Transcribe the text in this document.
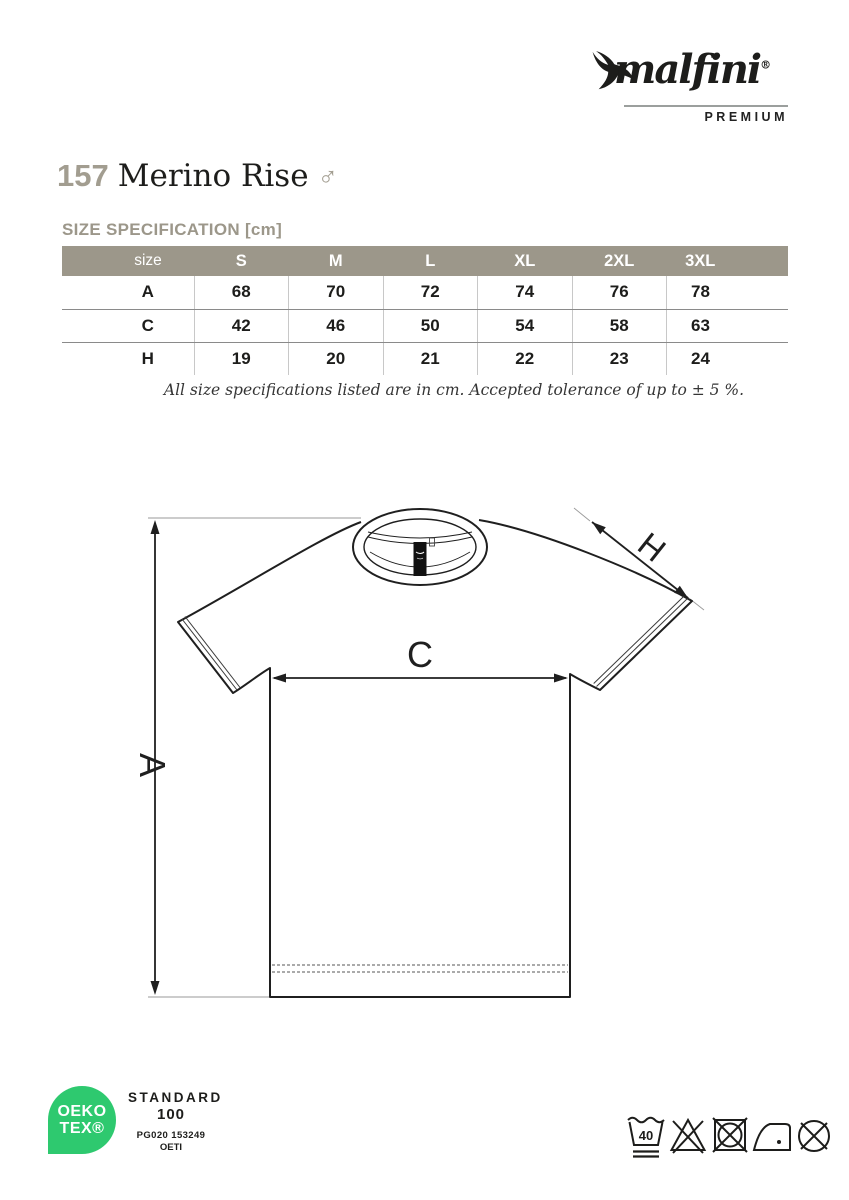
malfini®
PREMIUM
157 Merino Rise ♂
SIZE SPECIFICATION [cm]
size	S	M	L	XL	2XL	3XL
A	68	70	72	74	76	78
C	42	46	50	54	58	63
H	19	20	21	22	23	24
All size specifications listed are in cm. Accepted tolerance of up to ± 5 %.
A
C
H
OEKO
TEX®
STANDARD
100
PG020 153249
OETI
40
